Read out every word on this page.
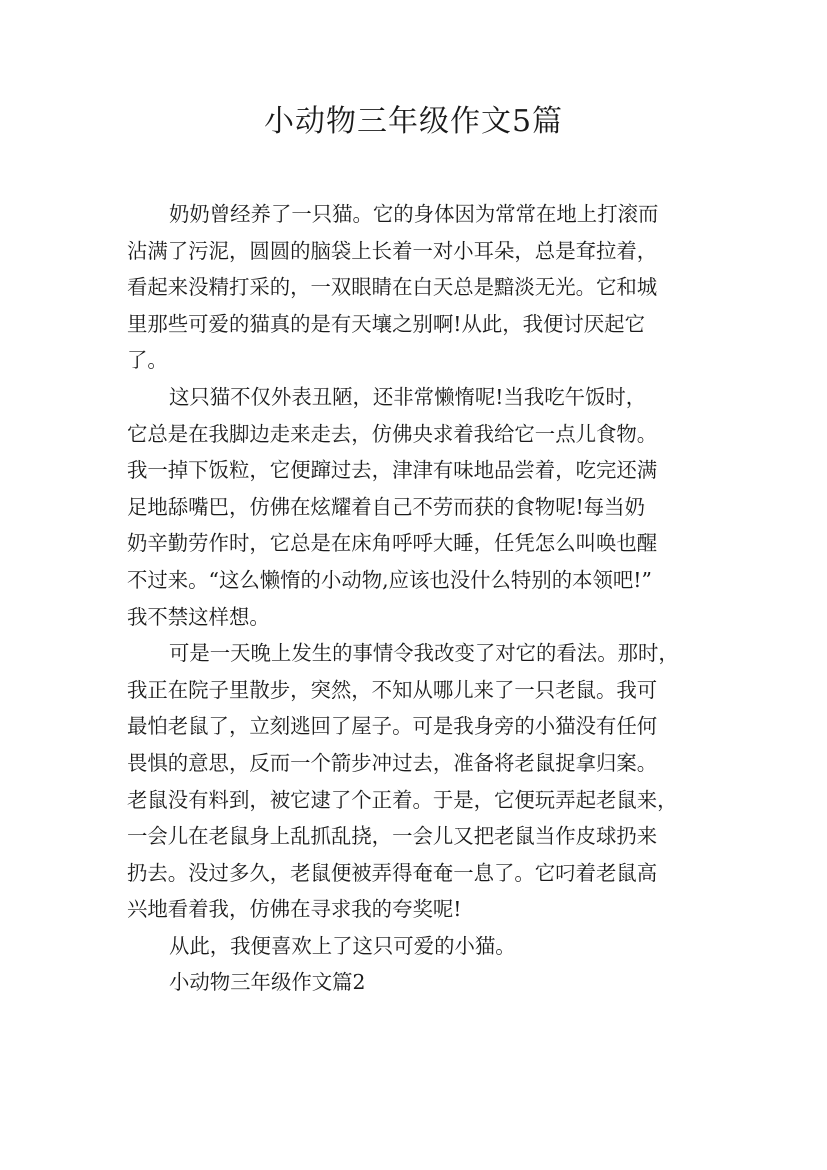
小动物三年级作文5篇
奶奶曾经养了一只猫。它的身体因为常常在地上打滚而
沾满了污泥，圆圆的脑袋上长着一对小耳朵，总是耷拉着，
看起来没精打采的，一双眼睛在白天总是黯淡无光。它和城
里那些可爱的猫真的是有天壤之别啊!从此，我便讨厌起它
了。
这只猫不仅外表丑陋，还非常懒惰呢!当我吃午饭时，
它总是在我脚边走来走去，仿佛央求着我给它一点儿食物。
我一掉下饭粒，它便蹿过去，津津有味地品尝着，吃完还满
足地舔嘴巴，仿佛在炫耀着自己不劳而获的食物呢!每当奶
奶辛勤劳作时，它总是在床角呼呼大睡，任凭怎么叫唤也醒
不过来。“这么懒惰的小动物,应该也没什么特别的本领吧!”
我不禁这样想。
可是一天晚上发生的事情令我改变了对它的看法。那时，
我正在院子里散步，突然，不知从哪儿来了一只老鼠。我可
最怕老鼠了，立刻逃回了屋子。可是我身旁的小猫没有任何
畏惧的意思，反而一个箭步冲过去，准备将老鼠捉拿归案。
老鼠没有料到，被它逮了个正着。于是，它便玩弄起老鼠来，
一会儿在老鼠身上乱抓乱挠，一会儿又把老鼠当作皮球扔来
扔去。没过多久，老鼠便被弄得奄奄一息了。它叼着老鼠高
兴地看着我，仿佛在寻求我的夸奖呢!
从此，我便喜欢上了这只可爱的小猫。
小动物三年级作文篇2
